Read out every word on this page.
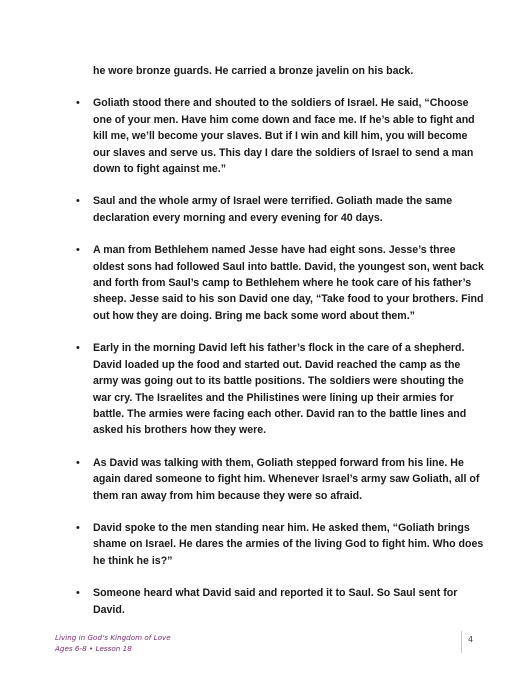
he wore bronze guards. He carried a bronze javelin on his back.

• Goliath stood there and shouted to the soldiers of Israel. He said, “Choose one of your men. Have him come down and face me. If he’s able to fight and kill me, we’ll become your slaves. But if I win and kill him, you will become our slaves and serve us. This day I dare the soldiers of Israel to send a man down to fight against me.”
• Saul and the whole army of Israel were terrified. Goliath made the same declaration every morning and every evening for 40 days.
• A man from Bethlehem named Jesse have had eight sons. Jesse’s three oldest sons had followed Saul into battle. David, the youngest son, went back and forth from Saul’s camp to Bethlehem where he took care of his father’s sheep. Jesse said to his son David one day, “Take food to your brothers. Find out how they are doing. Bring me back some word about them.”
• Early in the morning David left his father’s flock in the care of a shepherd. David loaded up the food and started out. David reached the camp as the army was going out to its battle positions. The soldiers were shouting the war cry. The Israelites and the Philistines were lining up their armies for battle. The armies were facing each other. David ran to the battle lines and asked his brothers how they were.
• As David was talking with them, Goliath stepped forward from his line. He again dared someone to fight him. Whenever Israel’s army saw Goliath, all of them ran away from him because they were so afraid.
• David spoke to the men standing near him. He asked them, “Goliath brings shame on Israel. He dares the armies of the living God to fight him. Who does he think he is?”
• Someone heard what David said and reported it to Saul. So Saul sent for David.
Living in God’s Kingdom of Love
Ages 6-8 • Lesson 18
4
